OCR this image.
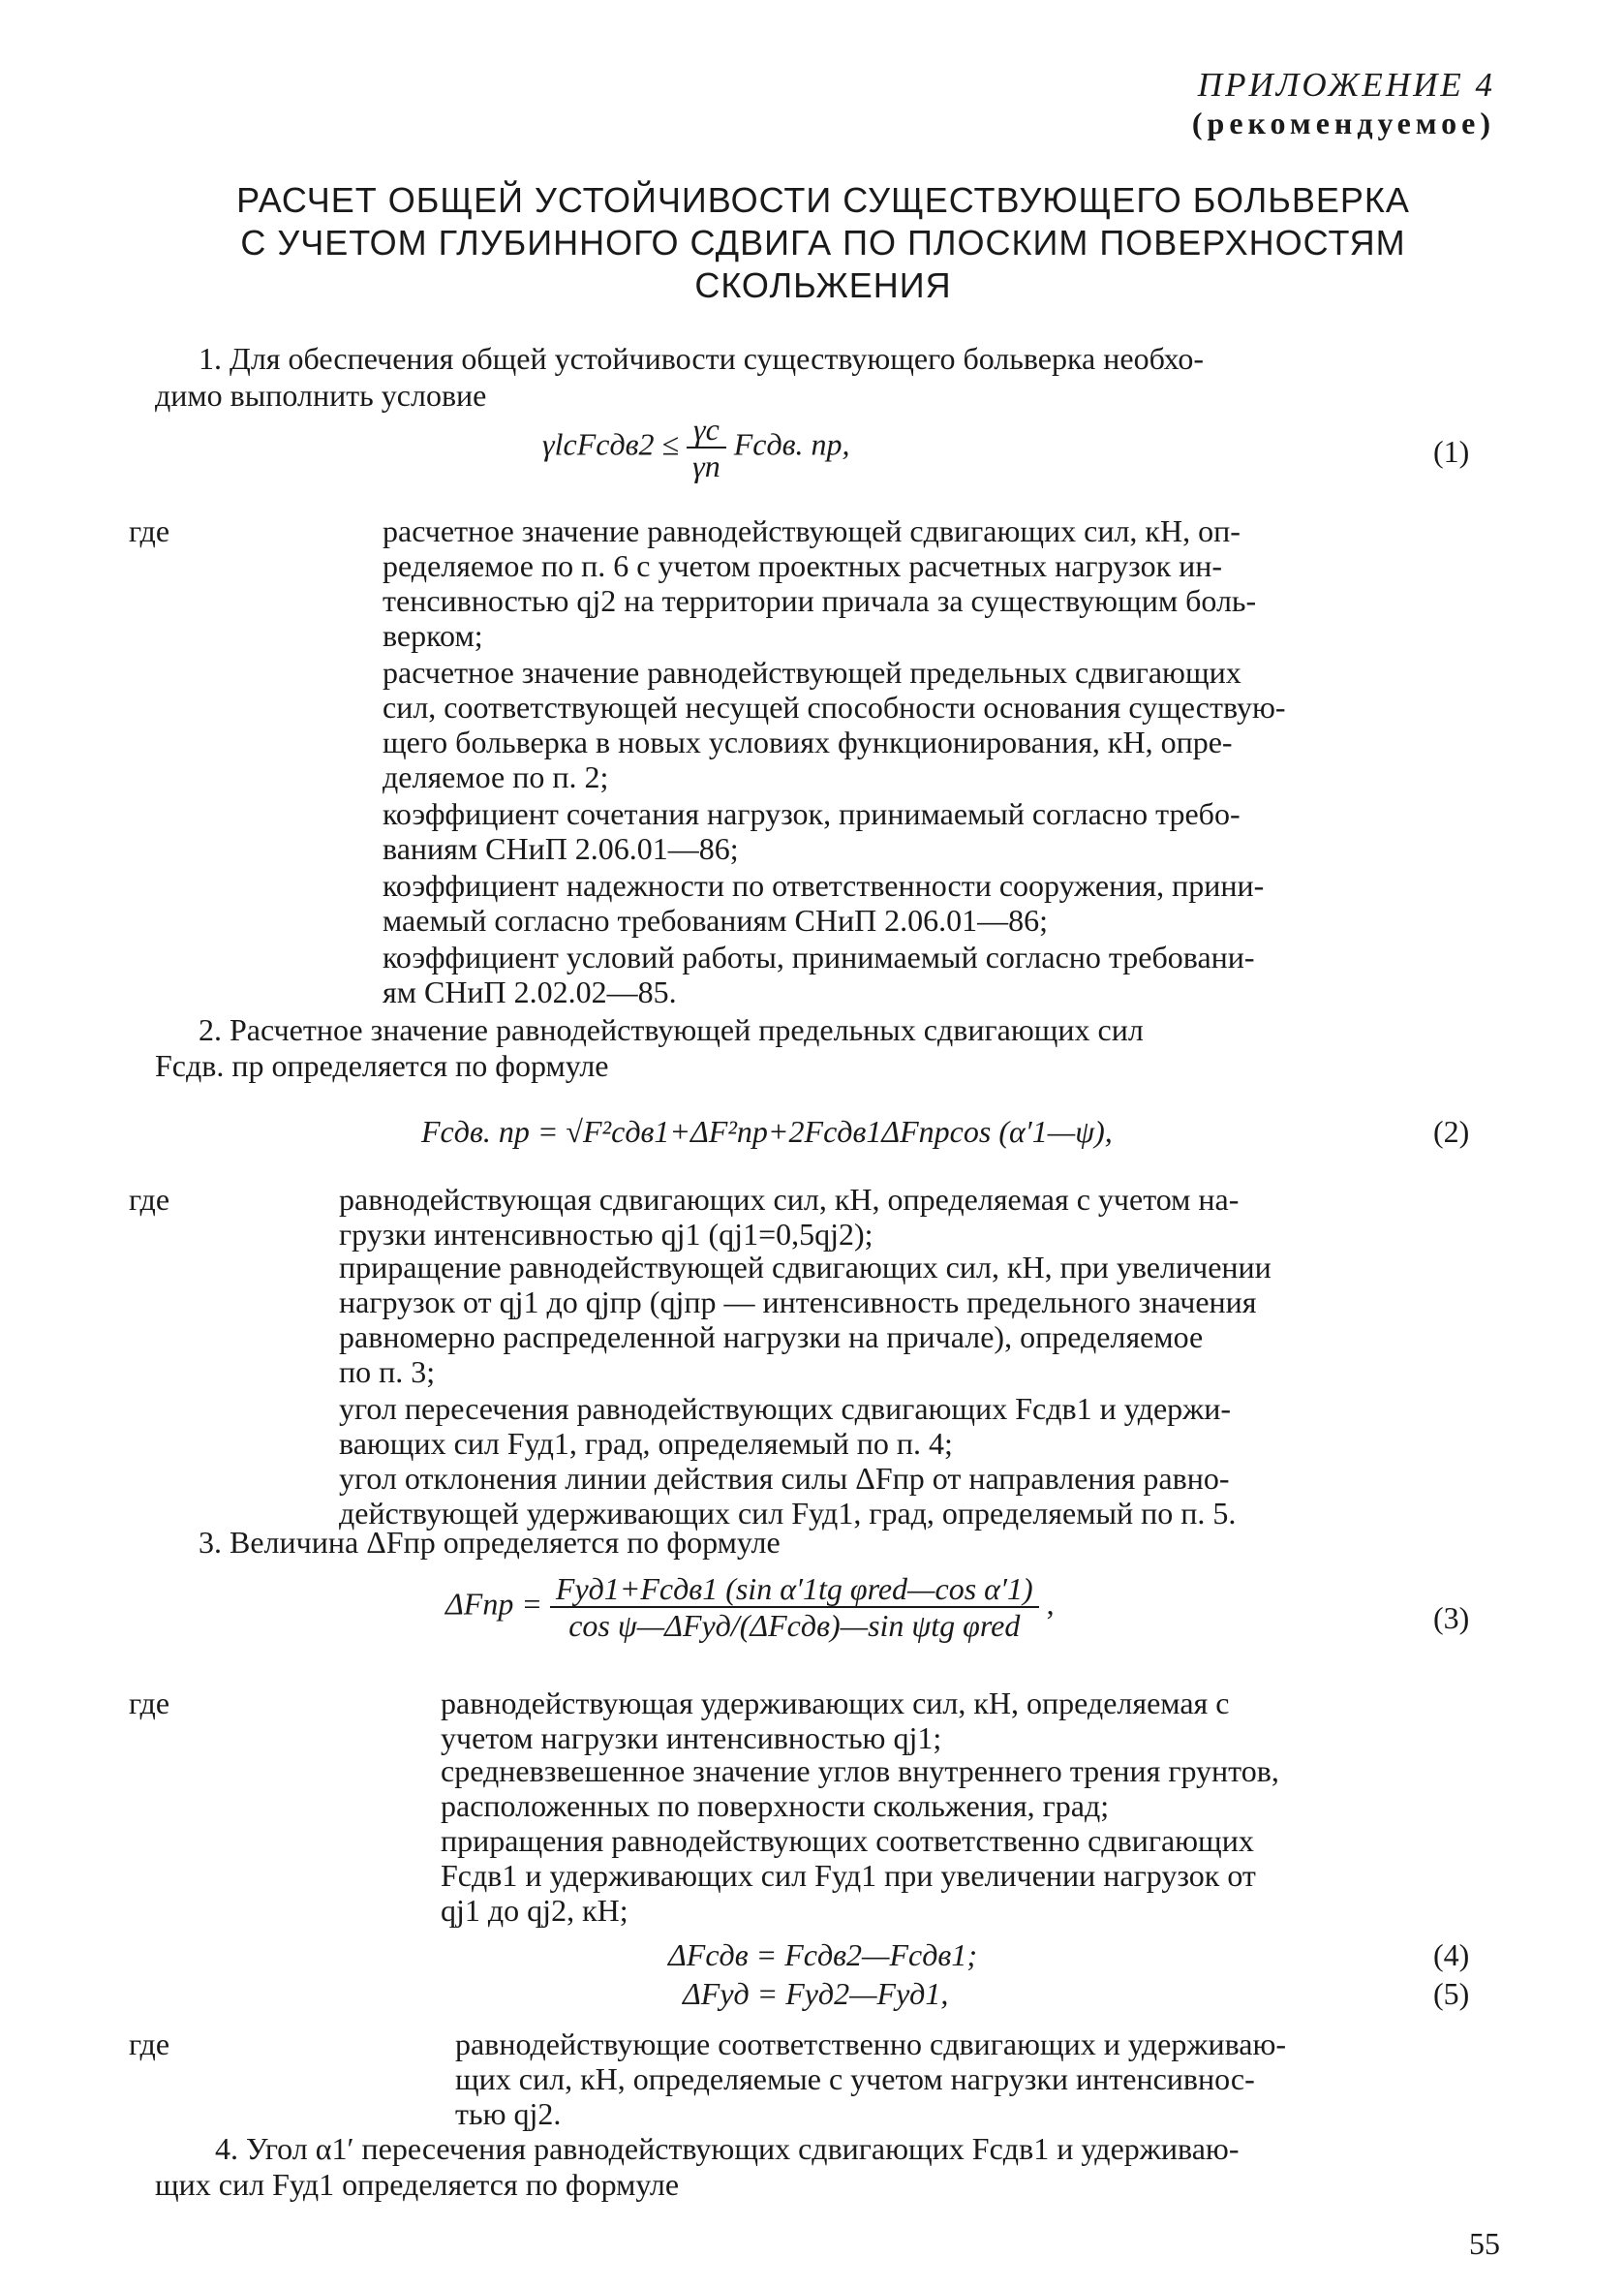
ПРИЛОЖЕНИЕ 4
(рекомендуемое)
РАСЧЕТ ОБЩЕЙ УСТОЙЧИВОСТИ СУЩЕСТВУЮЩЕГО БОЛЬВЕРКА
С УЧЕТОМ ГЛУБИННОГО СДВИГА ПО ПЛОСКИМ ПОВЕРХНОСТЯМ
СКОЛЬЖЕНИЯ
1. Для обеспечения общей устойчивости существующего больверка необхо-
димо выполнить условие
γlcFсдв2 ≤ $\frac{\gamma c}{\gamma n}$ Fсдв. пр,	(1)
где	расчетное значение равнодействующей сдвигающих сил, кН, оп-
ределяемое по п. 6 с учетом проектных расчетных нагрузок ин-
тенсивностью qj2 на территории причала за существующим боль-
верком;
расчетное значение равнодействующей предельных сдвигающих
сил, соответствующей несущей способности основания существую-
щего больверка в новых условиях функционирования, кН, опре-
деляемое по п. 2;
коэффициент сочетания нагрузок, принимаемый согласно требо-
ваниям СНиП 2.06.01—86;
коэффициент надежности по ответственности сооружения, прини-
маемый согласно требованиям СНиП 2.06.01—86;
коэффициент условий работы, принимаемый согласно требовани-
ям СНиП 2.02.02—85.
2. Расчетное значение равнодействующей предельных сдвигающих сил
Fсдв. пр определяется по формуле
Fсдв. пр = √F²сдв1+ΔF²пр+2Fсдв1ΔFпрcos (α′1—ψ),	(2)
где	равнодействующая сдвигающих сил, кН, определяемая с учетом на-
грузки интенсивностью qj1 (qj1=0,5qj2);
приращение равнодействующей сдвигающих сил, кН, при увеличении
нагрузок от qj1 до qjпр (qjпр — интенсивность предельного значения
равномерно распределенной нагрузки на причале), определяемое
по п. 3;
угол пересечения равнодействующих сдвигающих Fсдв1 и удержи-
вающих сил Fуд1, град, определяемый по п. 4;
угол отклонения линии действия силы ΔFпр от направления равно-
действующей удерживающих сил Fуд1, град, определяемый по п. 5.
3. Величина ΔFпр определяется по формуле
$\Delta Fпр = \frac{\text{Fуд1+Fсдв1 (sin α′1tg φred—cos α′1)}}{\text{cos ψ—ΔFуд/(ΔFсдв)—sin ψtg φred}}$ ,	(3)
где	равнодействующая удерживающих сил, кН, определяемая с
учетом нагрузки интенсивностью qj1;
средневзвешенное значение углов внутреннего трения грунтов,
расположенных по поверхности скольжения, град;
приращения равнодействующих соответственно сдвигающих
Fсдв1 и удерживающих сил Fуд1 при увеличении нагрузок от
qj1 до qj2, кН;
ΔFсдв = Fсдв2—Fсдв1;	(4)
ΔFуд = Fуд2—Fуд1,	(5)
где	равнодействующие соответственно сдвигающих и удерживаю-
щих сил, кН, определяемые с учетом нагрузки интенсивнос-
тью qj2.
4. Угол α1′ пересечения равнодействующих сдвигающих Fсдв1 и удерживаю-
щих сил Fуд1 определяется по формуле
55
